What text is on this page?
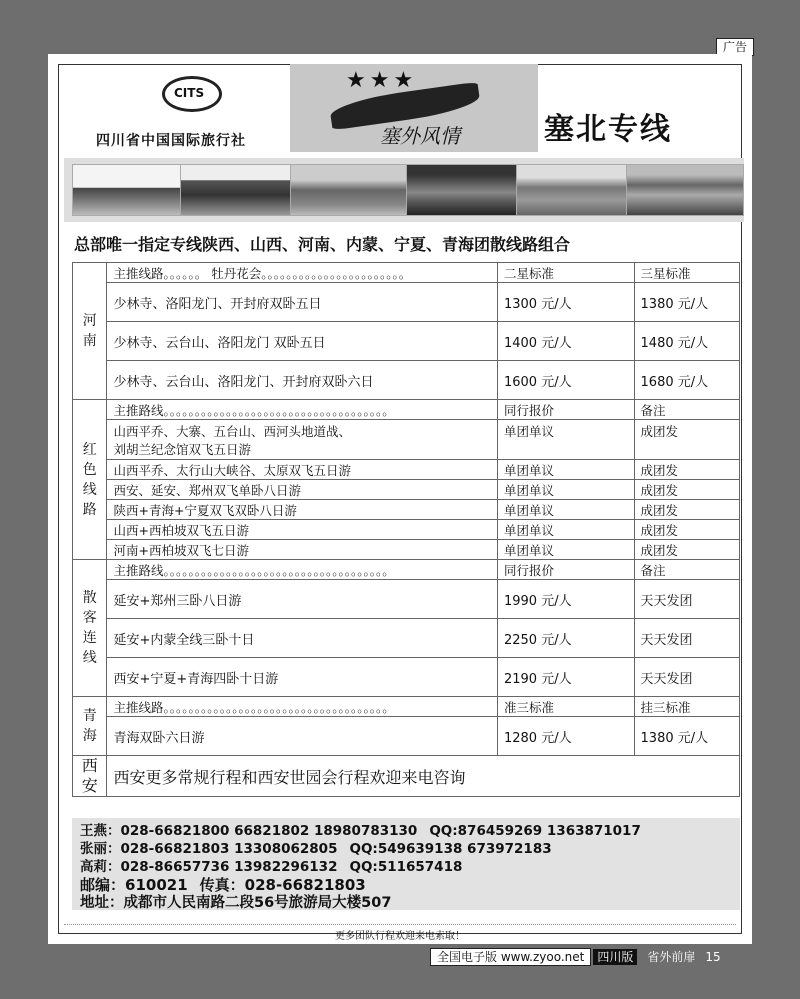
广告
CITS
四川省中国国际旅行社
★★★
塞外风情	塞北专线
总部唯一指定专线陕西、山西、河南、内蒙、宁夏、青海团散线路组合
河南	主推线路。。。。。。 牡丹花会。。。。。。。。。。。。。。。。。。。。。。。	二星标准	三星标准
	少林寺、洛阳龙门、开封府双卧五日	1300 元/人	1380 元/人
	少林寺、云台山、洛阳龙门 双卧五日	1400 元/人	1480 元/人
	少林寺、云台山、洛阳龙门、开封府双卧六日	1600 元/人	1680 元/人
红色线路	主推路线。。。。。。。。。。。。。。。。。。。。。。。。。。。。。。。。。。。。	同行报价	备注

	山西平乔、大寨、五台山、西河头地道战、
刘胡兰纪念馆双飞五日游	单团单议	成团发
	山西平乔、太行山大峡谷、太原双飞五日游	单团单议	成团发
	西安、延安、郑州双飞单卧八日游	单团单议	成团发
	陕西+青海+宁夏双飞双卧八日游	单团单议	成团发
	山西+西柏坡双飞五日游	单团单议	成团发
	河南+西柏坡双飞七日游	单团单议	成团发
散客连线	主推路线。。。。。。。。。。。。。。。。。。。。。。。。。。。。。。。。。。。。	同行报价	备注
	延安+郑州三卧八日游	1990 元/人	天天发团
	延安+内蒙全线三卧十日	2250 元/人	天天发团
	西安+宁夏+青海四卧十日游	2190 元/人	天天发团
青海	主推线路。。。。。。。。。。。。。。。。。。。。。。。。。。。。。。。。。。。。	准三标准	挂三标准
	青海双卧六日游	1280 元/人	1380 元/人
西安	西安更多常规行程和西安世园会行程欢迎来电咨询		
王燕：028-66821800 66821802 18980783130 QQ:876459269 1363871017
张丽：028-66821803 13308062805 QQ:549639138 673972183
高莉：028-86657736 13982296132 QQ:511657418
邮编：610021 传真：028-66821803
地址：成都市人民南路二段56号旅游局大楼507
更多团队行程欢迎来电索取！
全国电子版 www.zyoo.net 四川版 省外前扉 15
